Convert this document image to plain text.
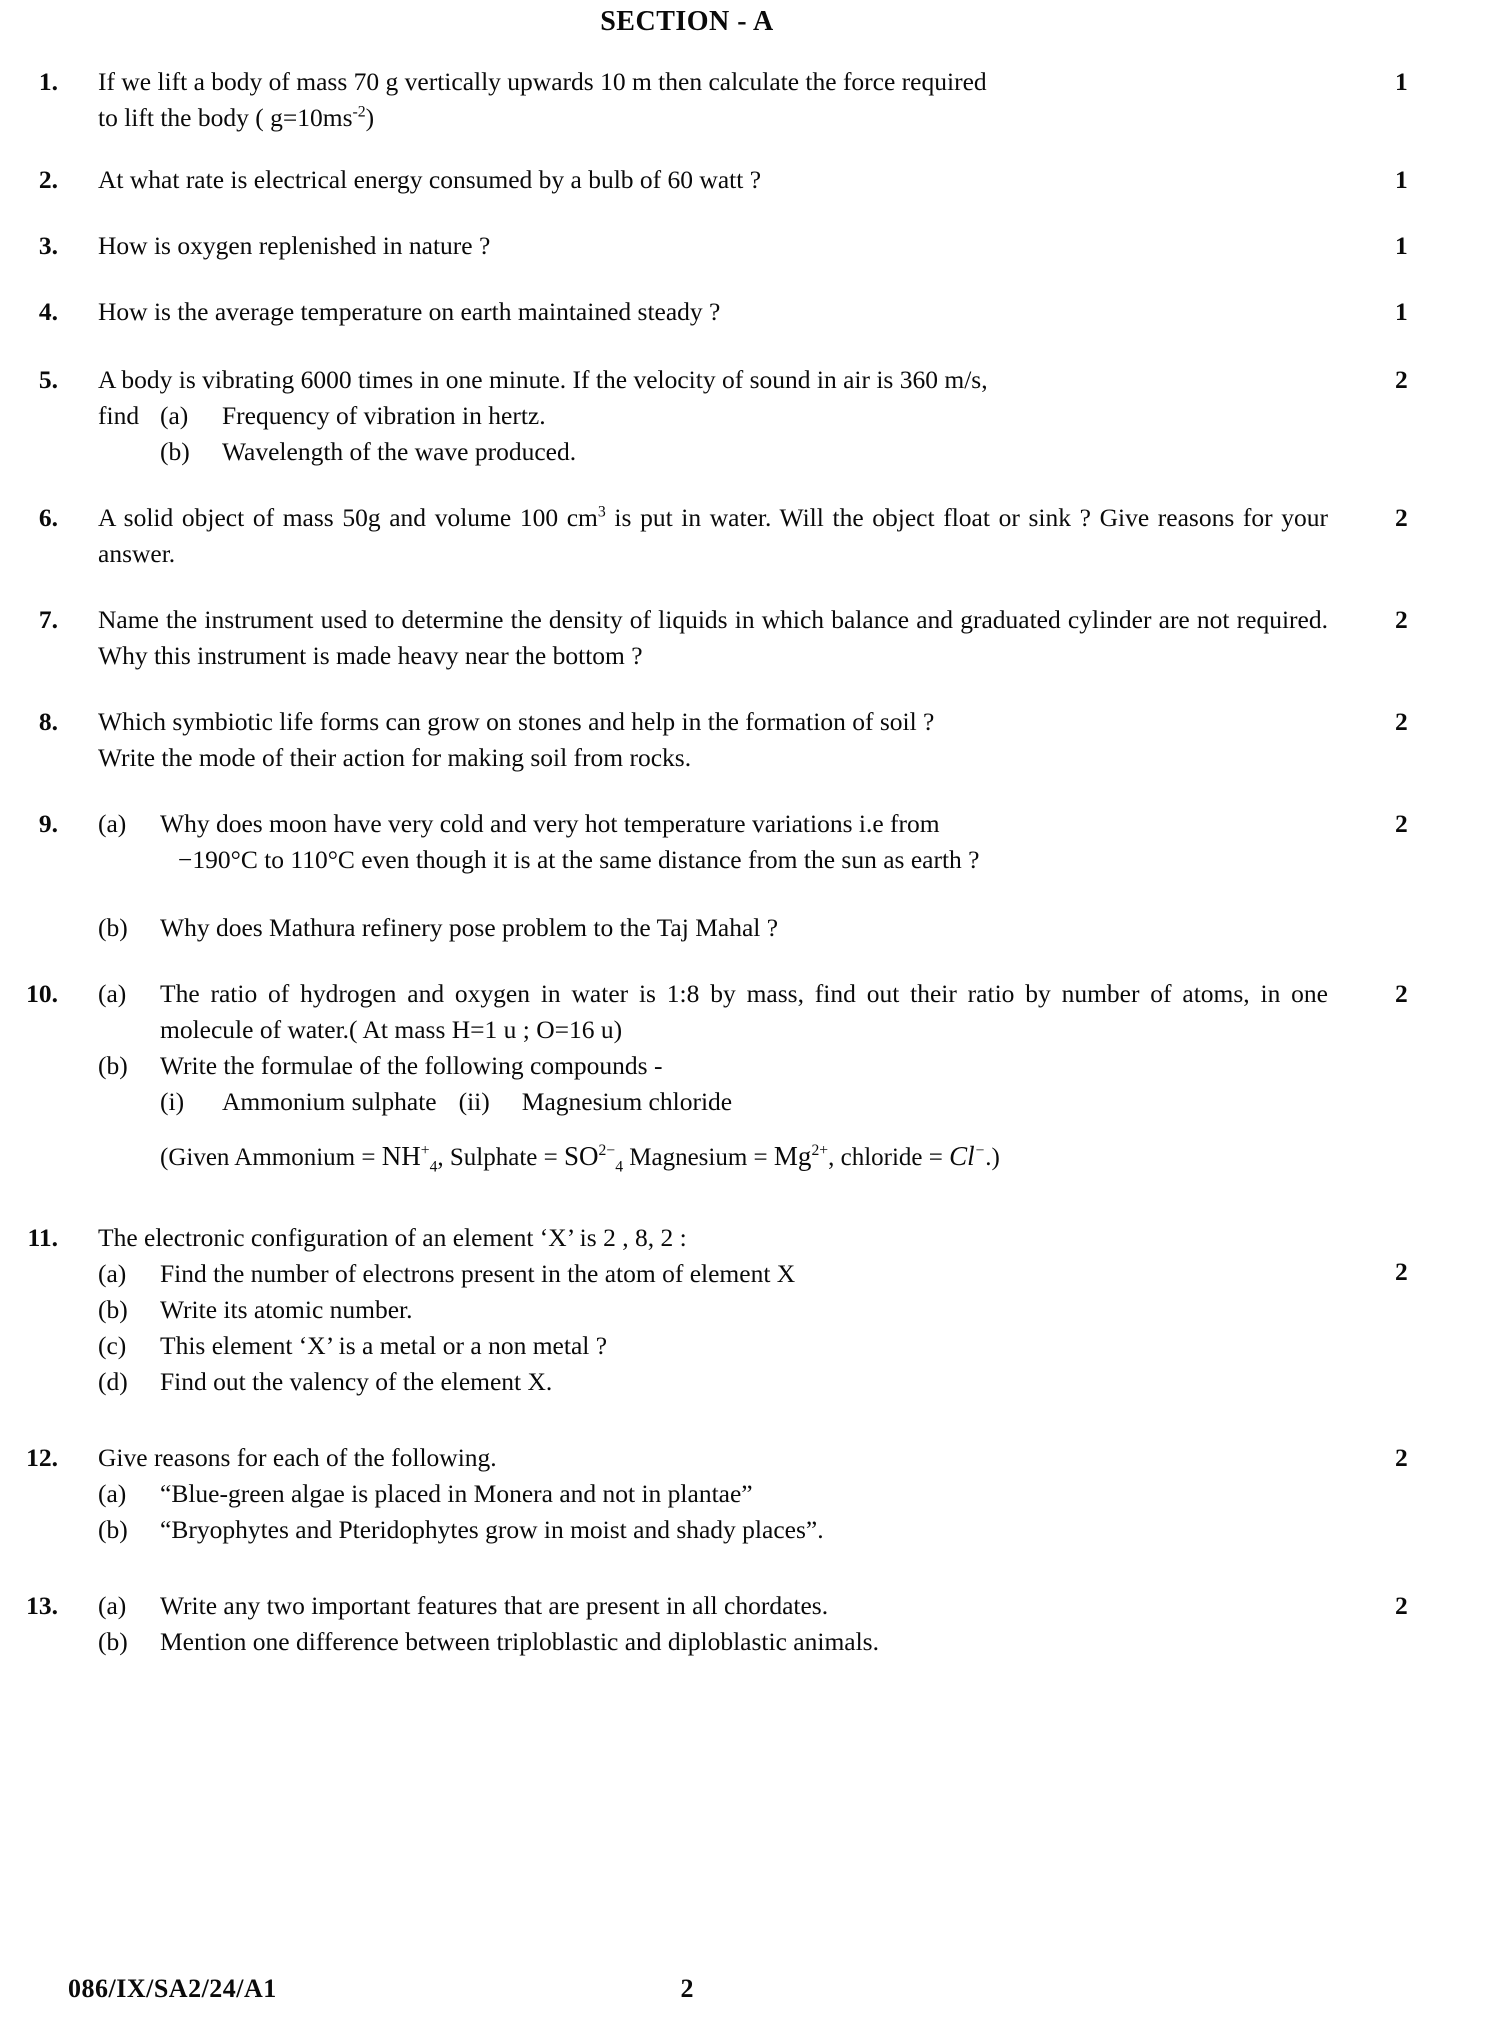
SECTION - A
1.	If we lift a body of mass 70 g vertically upwards 10 m then calculate the force required
to lift the body ( $g=10ms^{-2}$)
1
2.	At what rate is electrical energy consumed by a bulb of 60 watt ?	1
3.	How is oxygen replenished in nature ?	1
4.	How is the average temperature on earth maintained steady ?	1
5.	A body is vibrating 6000 times in one minute. If the velocity of sound in air is 360 m/s,
find (a)	Frequency of vibration in hertz.
(b)	Wavelength of the wave produced.
2
6.	A solid object of mass 50g and volume 100 $cm^3$ is put in water. Will the object float or sink ? Give reasons for your answer.
2
7.	Name the instrument used to determine the density of liquids in which balance and graduated cylinder are not required. Why this instrument is made heavy near the bottom ?
2
8.	Which symbiotic life forms can grow on stones and help in the formation of soil ?
Write the mode of their action for making soil from rocks.
2
9.	(a)	Why does moon have very cold and very hot temperature variations i.e from
−190°C to 110°C even though it is at the same distance from the sun as earth ?
(b)	Why does Mathura refinery pose problem to the Taj Mahal ?
2
10.	(a)	The ratio of hydrogen and oxygen in water is 1:8 by mass, find out their ratio by number of atoms, in one molecule of water.( At mass H=1 u ; O=16 u)
(b)	Write the formulae of the following compounds -
(i)	Ammonium sulphate (ii)	Magnesium chloride
(Given Ammonium = $NH^+_4$, Sulphate = $SO^{2-}_4$ Magnesium = $Mg^{2+}$, chloride = Cl−.)
2
11.	The electronic configuration of an element ‘X’ is 2 , 8, 2 :
(a)	Find the number of electrons present in the atom of element X
(b)	Write its atomic number.
(c)	This element ‘X’ is a metal or a non metal ?
(d)	Find out the valency of the element X.
2
12.	Give reasons for each of the following.
(a)	“Blue-green algae is placed in Monera and not in plantae”
(b)	“Bryophytes and Pteridophytes grow in moist and shady places”.
2
13.	(a)	Write any two important features that are present in all chordates.
(b)	Mention one difference between triploblastic and diploblastic animals.
2
086/IX/SA2/24/A1	2
